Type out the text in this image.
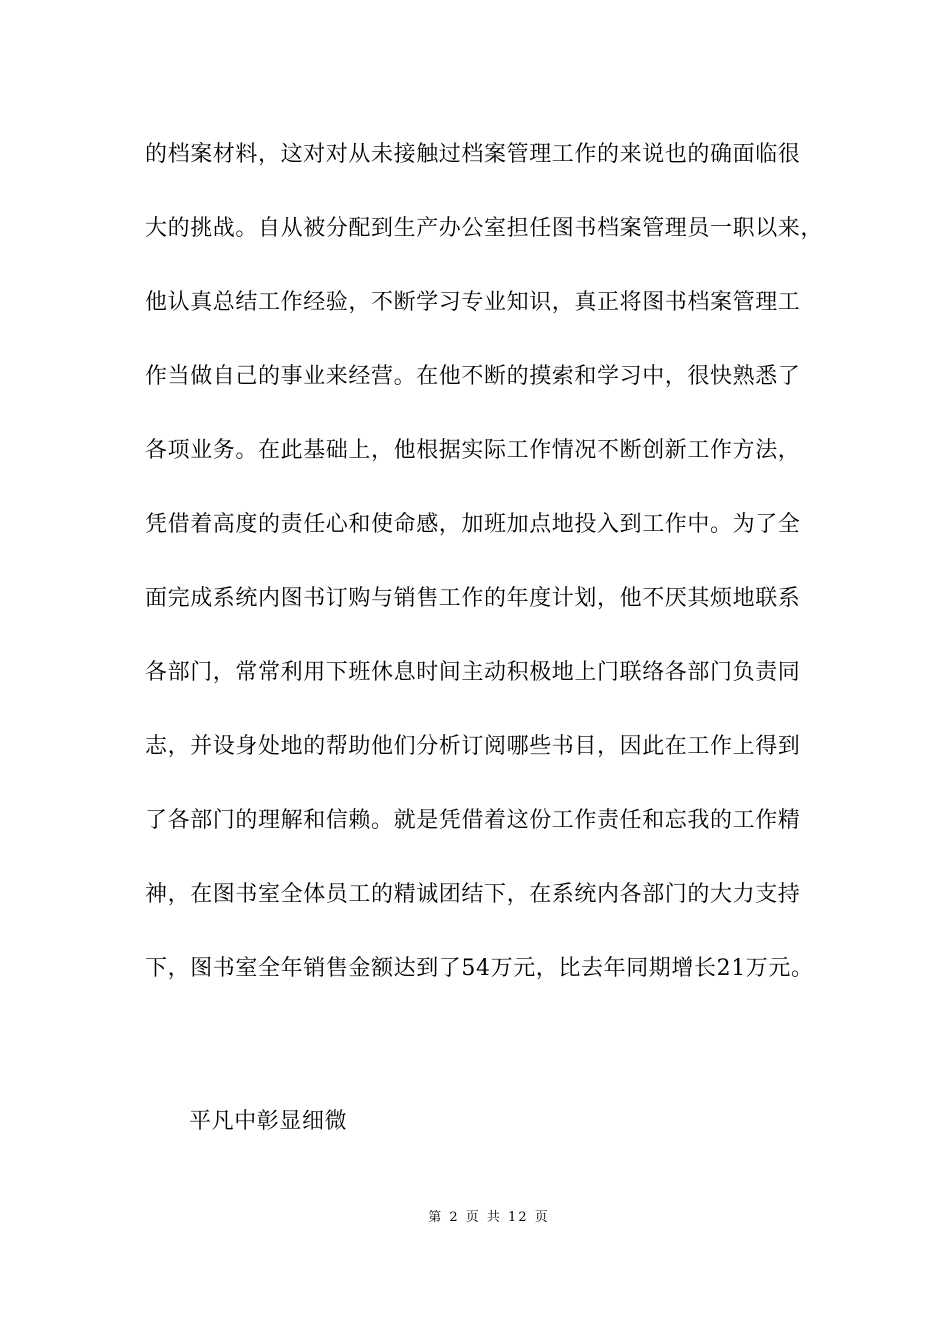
的档案材料，这对对从未接触过档案管理工作的来说也的确面临很
大的挑战。自从被分配到生产办公室担任图书档案管理员一职以来，
他认真总结工作经验，不断学习专业知识，真正将图书档案管理工
作当做自己的事业来经营。在他不断的摸索和学习中，很快熟悉了
各项业务。在此基础上，他根据实际工作情况不断创新工作方法，
凭借着高度的责任心和使命感，加班加点地投入到工作中。为了全
面完成系统内图书订购与销售工作的年度计划，他不厌其烦地联系
各部门，常常利用下班休息时间主动积极地上门联络各部门负责同
志，并设身处地的帮助他们分析订阅哪些书目，因此在工作上得到
了各部门的理解和信赖。就是凭借着这份工作责任和忘我的工作精
神，在图书室全体员工的精诚团结下，在系统内各部门的大力支持
下，图书室全年销售金额达到了54万元，比去年同期增长21万元。
平凡中彰显细微
第 2 页 共 12 页
